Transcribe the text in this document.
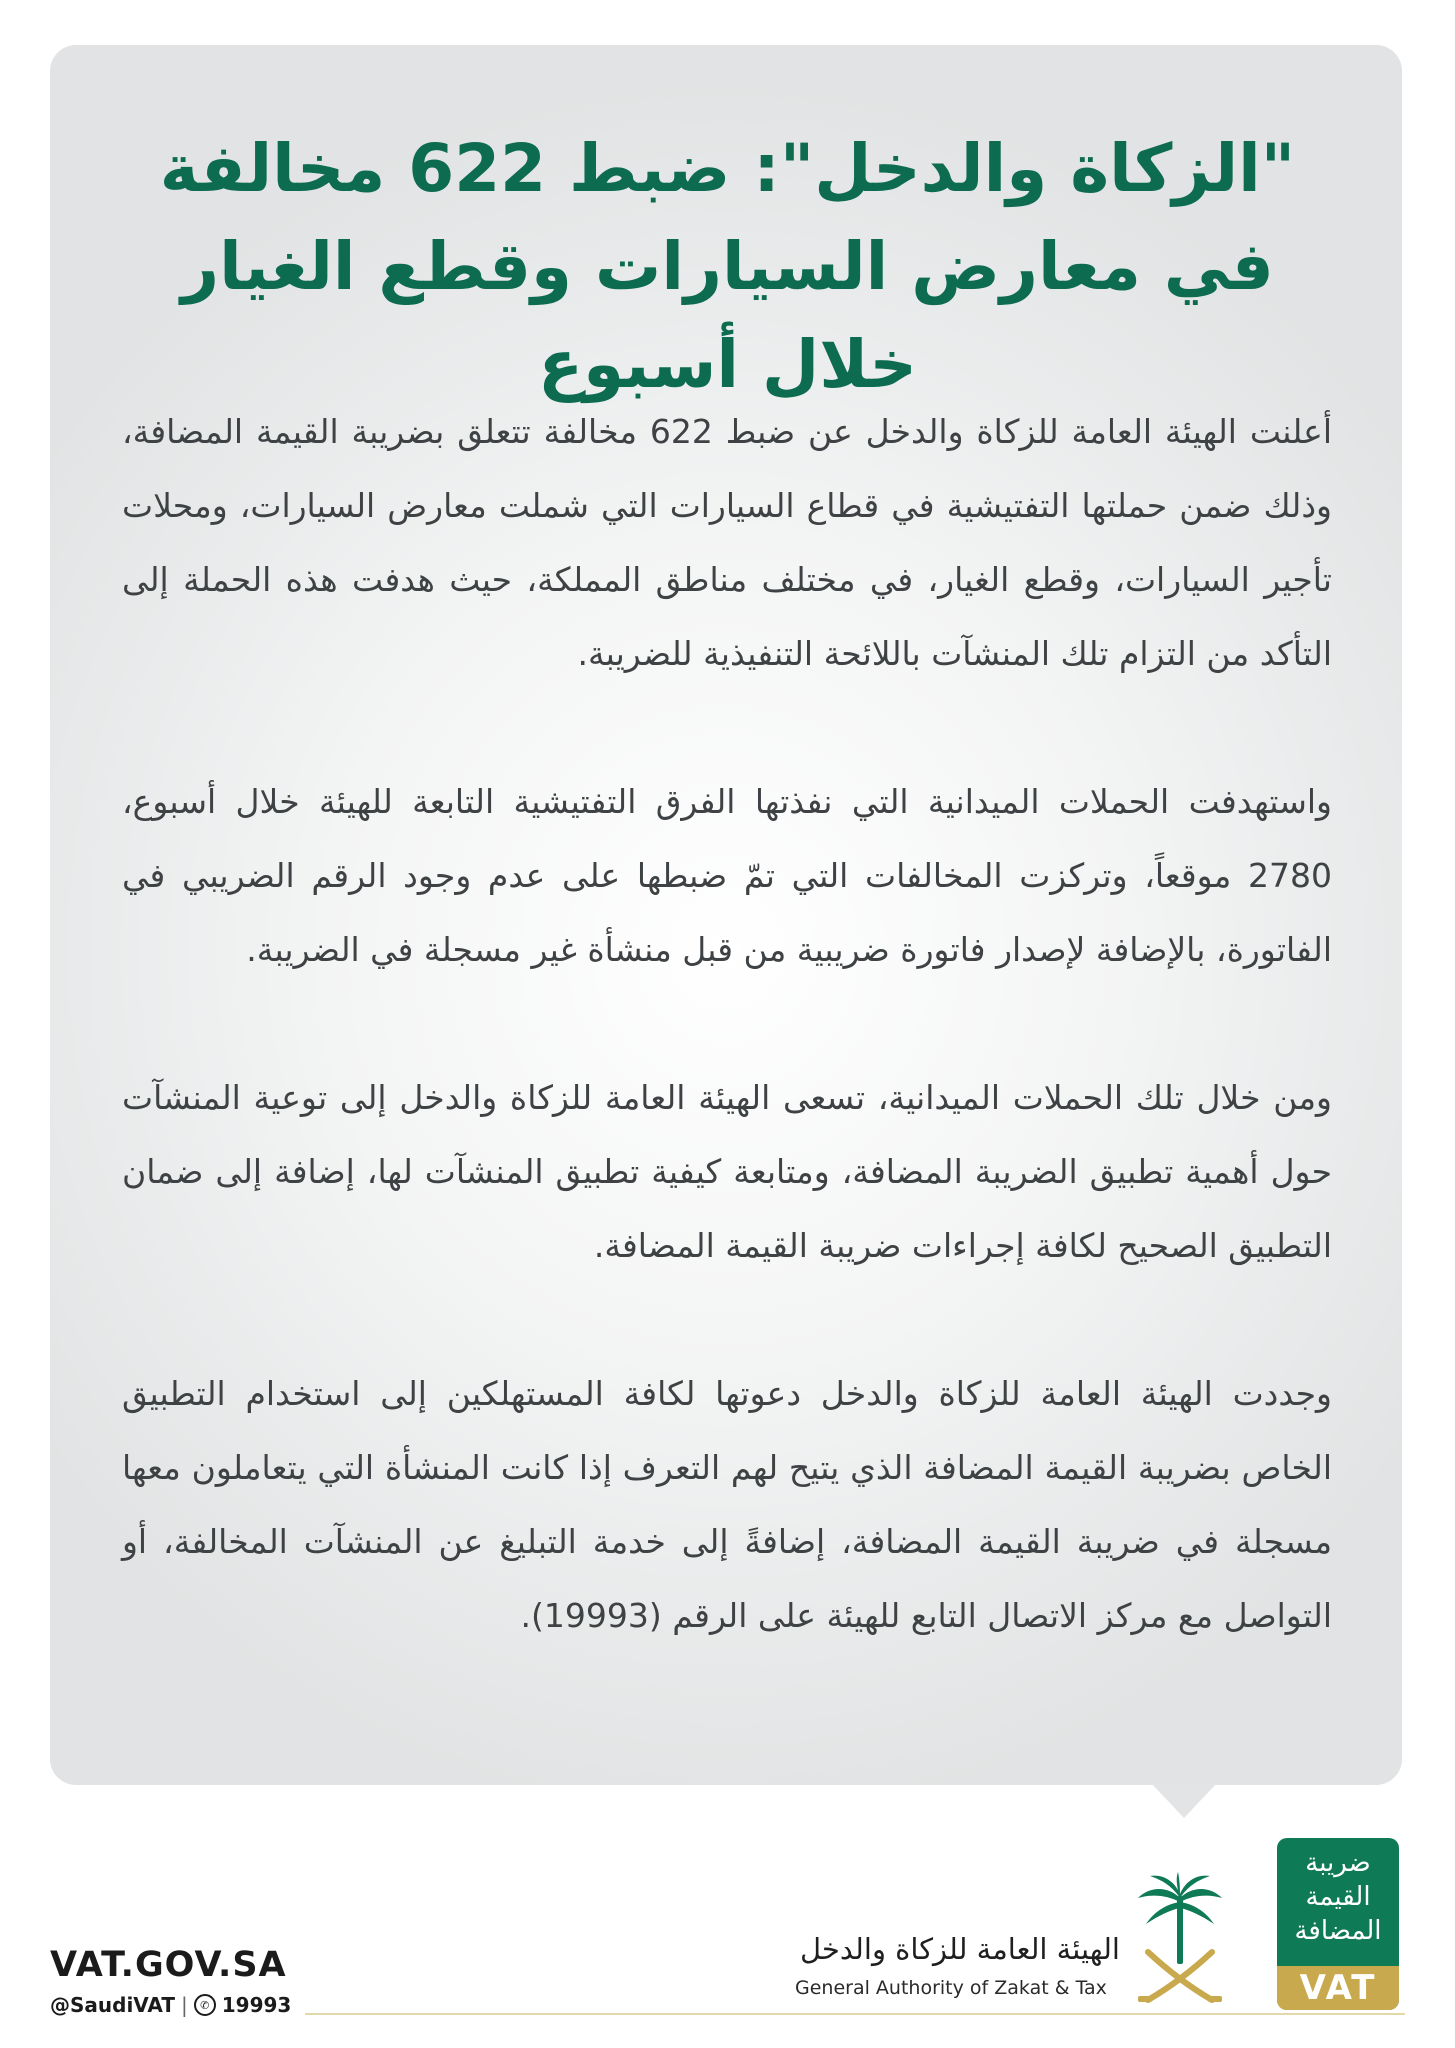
"الزكاة والدخل": ضبط 622 مخالفة في معارض السيارات وقطع الغيار خلال أسبوع

أعلنت الهيئة العامة للزكاة والدخل عن ضبط 622 مخالفة تتعلق بضريبة القيمة المضافة، وذلك ضمن حملتها التفتيشية في قطاع السيارات التي شملت معارض السيارات، ومحلات تأجير السيارات، وقطع الغيار، في مختلف مناطق المملكة، حيث هدفت هذه الحملة إلى التأكد من التزام تلك المنشآت باللائحة التنفيذية للضريبة.

واستهدفت الحملات الميدانية التي نفذتها الفرق التفتيشية التابعة للهيئة خلال أسبوع، 2780 موقعاً، وتركزت المخالفات التي تمّ ضبطها على عدم وجود الرقم الضريبي في الفاتورة، بالإضافة لإصدار فاتورة ضريبية من قبل منشأة غير مسجلة في الضريبة.

ومن خلال تلك الحملات الميدانية، تسعى الهيئة العامة للزكاة والدخل إلى توعية المنشآت حول أهمية تطبيق الضريبة المضافة، ومتابعة كيفية تطبيق المنشآت لها، إضافة إلى ضمان التطبيق الصحيح لكافة إجراءات ضريبة القيمة المضافة.

وجددت الهيئة العامة للزكاة والدخل دعوتها لكافة المستهلكين إلى استخدام التطبيق الخاص بضريبة القيمة المضافة الذي يتيح لهم التعرف إذا كانت المنشأة التي يتعاملون معها مسجلة في ضريبة القيمة المضافة، إضافةً إلى خدمة التبليغ عن المنشآت المخالفة، أو التواصل مع مركز الاتصال التابع للهيئة على الرقم (19993).

VAT.GOV.SA
@SaudiVAT |	✆ 19993
الهيئة العامة للزكاة والدخل
General Authority of Zakat & Tax
ضريبة القيمة المضافة
VAT
